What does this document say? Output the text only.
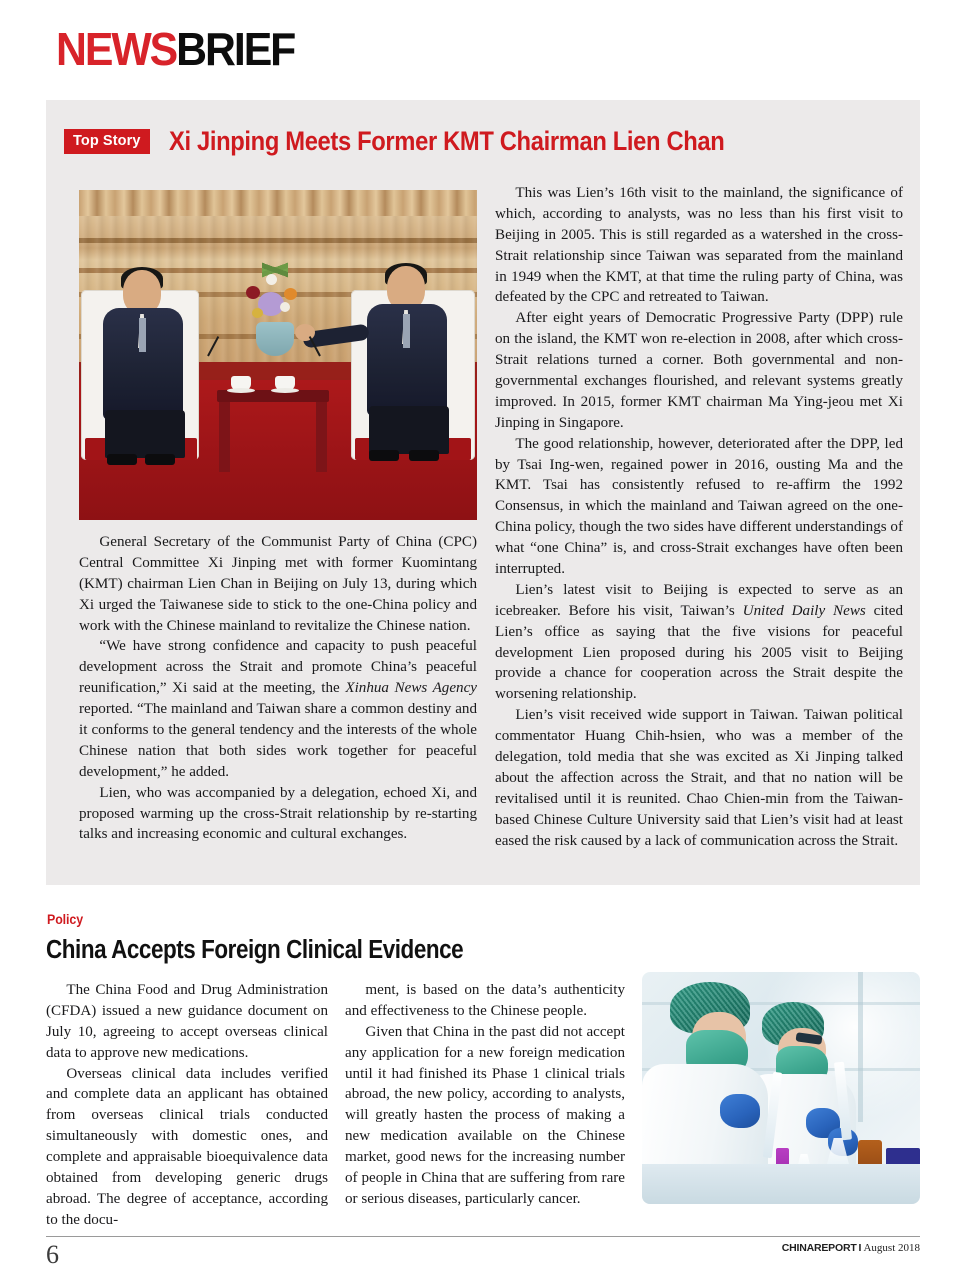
NEWSBRIEF
Top Story	Xi Jinping Meets Former KMT Chairman Lien Chan

General Secretary of the Communist Party of China (CPC) Central Committee Xi Jinping met with former Kuomintang (KMT) chairman Lien Chan in Beijing on July 13, during which Xi urged the Taiwanese side to stick to the one-China policy and work with the Chinese mainland to revitalize the Chinese nation.

“We have strong confidence and capacity to push peaceful development across the Strait and promote China’s peaceful reunification,” Xi said at the meeting, the Xinhua News Agency reported. “The mainland and Taiwan share a common destiny and it conforms to the general tendency and the interests of the whole Chinese nation that both sides work together for peaceful development,” he added.

Lien, who was accompanied by a delegation, echoed Xi, and proposed warming up the cross-Strait relationship by re-starting talks and increasing economic and cultural exchanges.

This was Lien’s 16th visit to the mainland, the significance of which, according to analysts, was no less than his first visit to Beijing in 2005. This is still regarded as a watershed in the cross-Strait relationship since Taiwan was separated from the mainland in 1949 when the KMT, at that time the ruling party of China, was defeated by the CPC and retreated to Taiwan.

After eight years of Democratic Progressive Party (DPP) rule on the island, the KMT won re-election in 2008, after which cross-Strait relations turned a corner. Both governmental and non-governmental exchanges flourished, and relevant systems greatly improved. In 2015, former KMT chairman Ma Ying-jeou met Xi Jinping in Singapore.

The good relationship, however, deteriorated after the DPP, led by Tsai Ing-wen, regained power in 2016, ousting Ma and the KMT. Tsai has consistently refused to re-affirm the 1992 Consensus, in which the mainland and Taiwan agreed on the one-China policy, though the two sides have different understandings of what “one China” is, and cross-Strait exchanges have often been interrupted.

Lien’s latest visit to Beijing is expected to serve as an icebreaker. Before his visit, Taiwan’s United Daily News cited Lien’s office as saying that the five visions for peaceful development Lien proposed during his 2005 visit to Beijing provide a chance for cooperation across the Strait despite the worsening relationship.

Lien’s visit received wide support in Taiwan. Taiwan political commentator Huang Chih-hsien, who was a member of the delegation, told media that she was excited as Xi Jinping talked about the affection across the Strait, and that no nation will be revitalised until it is reunited. Chao Chien-min from the Taiwan-based Chinese Culture University said that Lien’s visit had at least eased the risk caused by a lack of communication across the Strait.

Policy
China Accepts Foreign Clinical Evidence

The China Food and Drug Administration (CFDA) issued a new guidance document on July 10, agreeing to accept overseas clinical data to approve new medications.

Overseas clinical data includes verified and complete data an applicant has obtained from overseas clinical trials conducted simultaneously with domestic ones, and complete and appraisable bioequivalence data obtained from developing generic drugs abroad. The degree of acceptance, according to the docu-

ment, is based on the data’s authenticity and effectiveness to the Chinese people.

Given that China in the past did not accept any application for a new foreign medication until it had finished its Phase 1 clinical trials abroad, the new policy, according to analysts, will greatly hasten the process of making a new medication available on the Chinese market, good news for the increasing number of people in China that are suffering from rare or serious diseases, particularly cancer.

6	CHINAREPORT I August 2018
